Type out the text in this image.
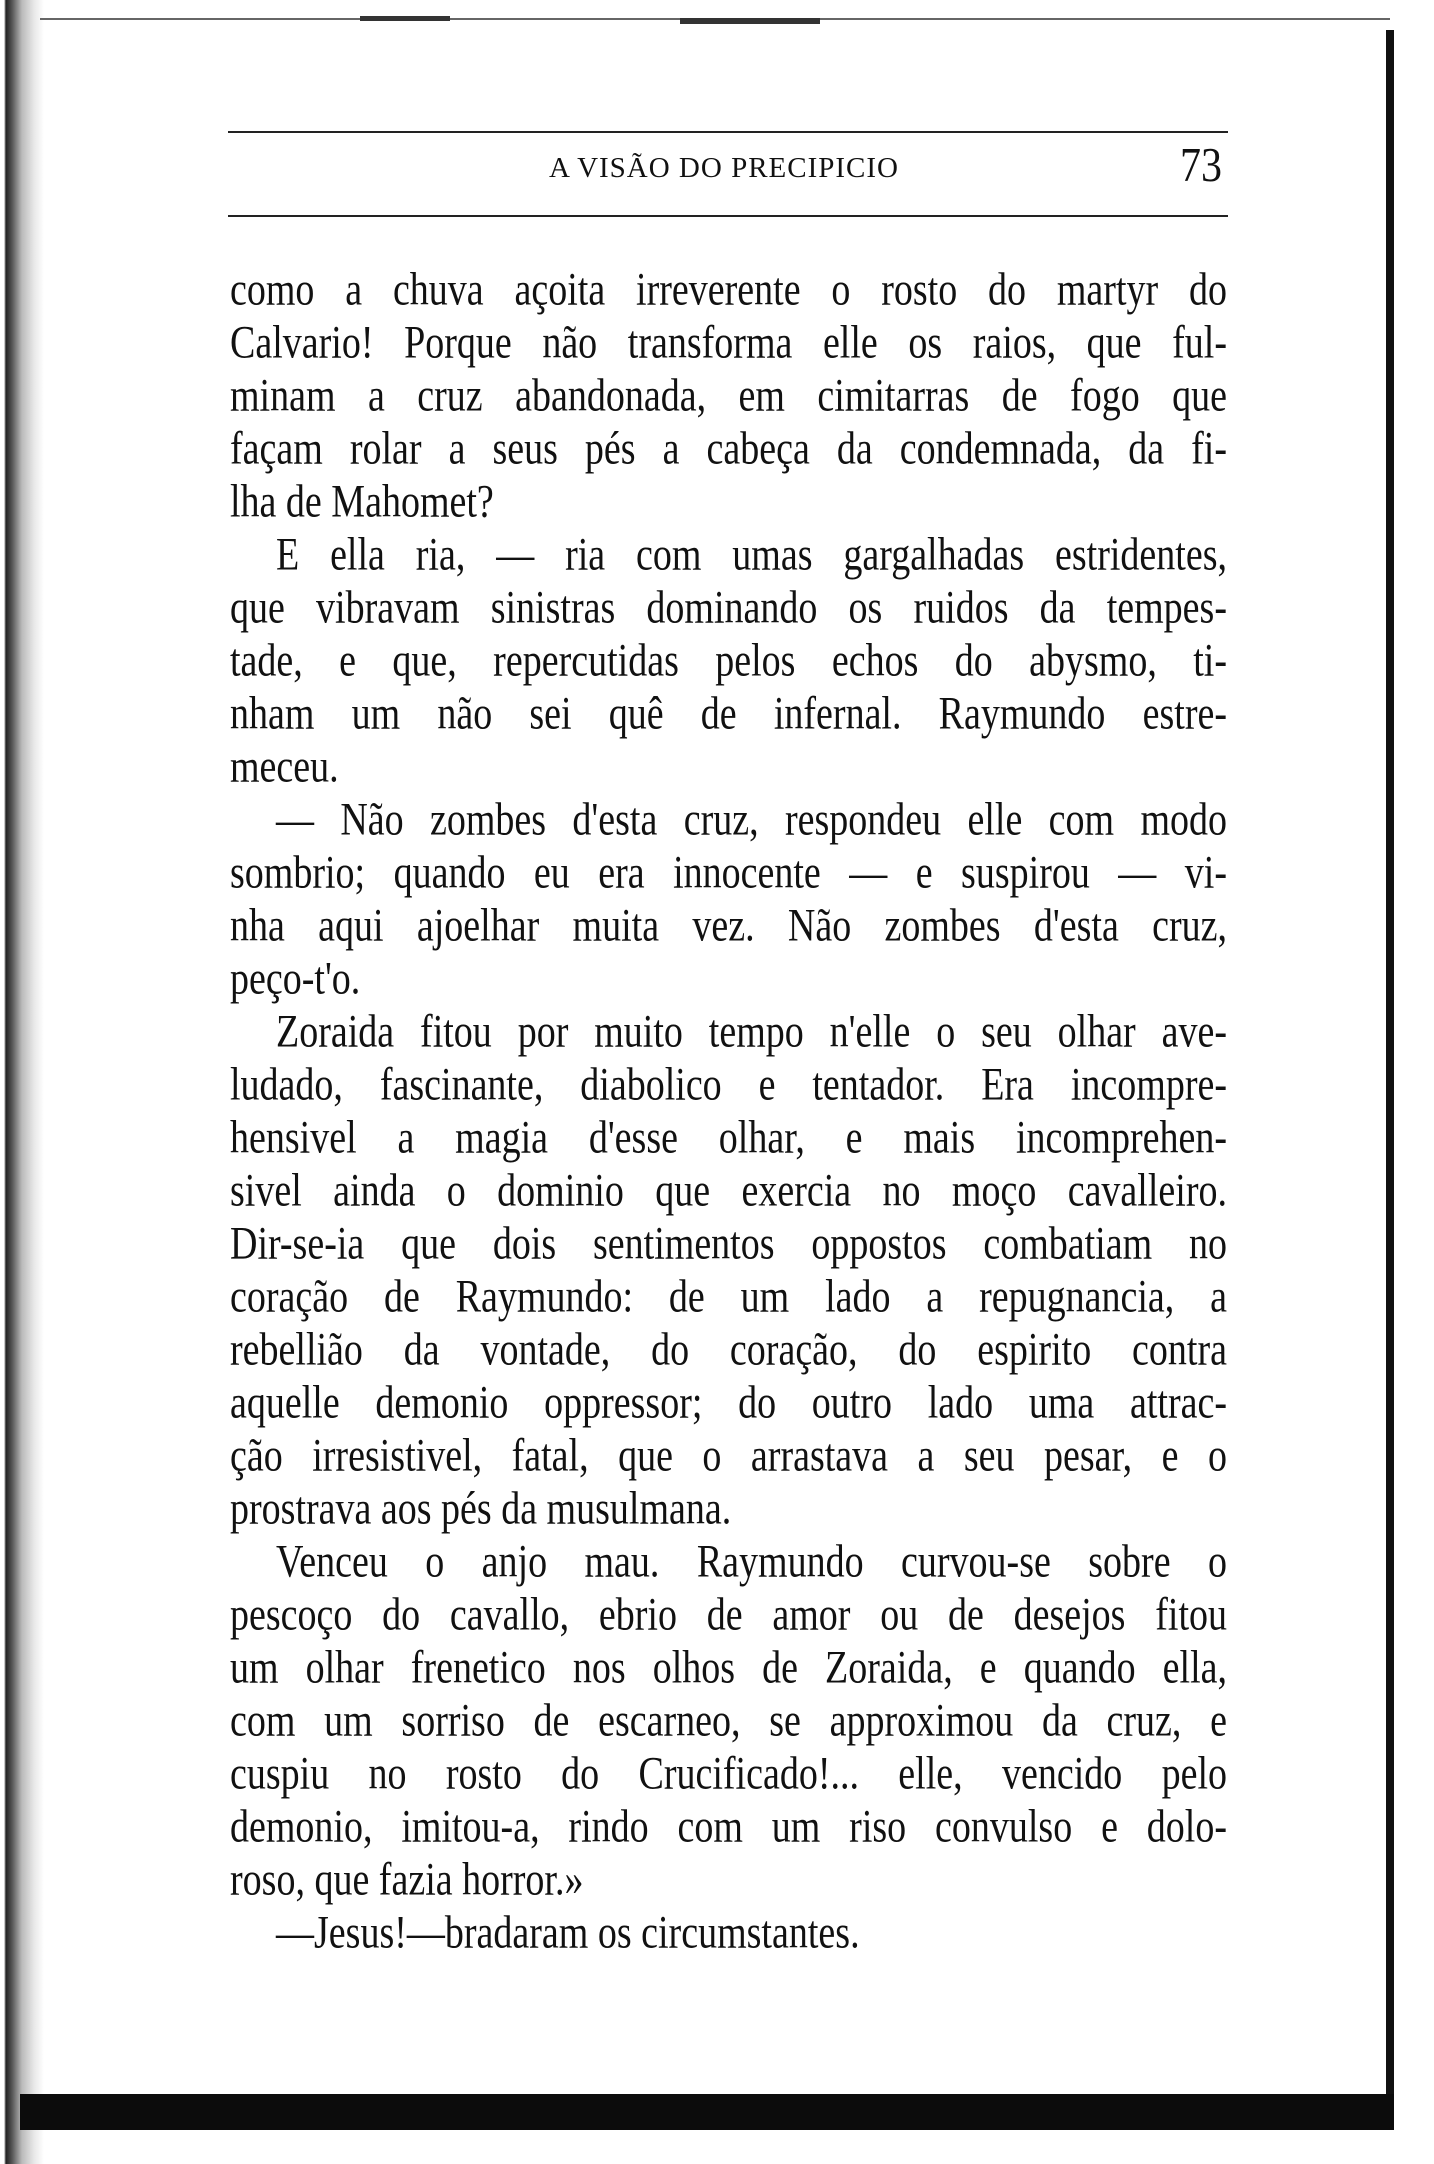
A VISÃO DO PRECIPICIO	73
como a chuva açoita irreverente o rosto do martyr do
Calvario! Porque não transforma elle os raios, que ful-
minam a cruz abandonada, em cimitarras de fogo que
façam rolar a seus pés a cabeça da condemnada, da fi-
lha de Mahomet?
E ella ria, — ria com umas gargalhadas estridentes,
que vibravam sinistras dominando os ruidos da tempes-
tade, e que, repercutidas pelos echos do abysmo, ti-
nham um não sei quê de infernal. Raymundo estre-
meceu.
— Não zombes d'esta cruz, respondeu elle com modo
sombrio; quando eu era innocente — e suspirou — vi-
nha aqui ajoelhar muita vez. Não zombes d'esta cruz,
peço-t'o.
Zoraida fitou por muito tempo n'elle o seu olhar ave-
ludado, fascinante, diabolico e tentador. Era incompre-
hensivel a magia d'esse olhar, e mais incomprehen-
sivel ainda o dominio que exercia no moço cavalleiro.
Dir-se-ia que dois sentimentos oppostos combatiam no
coração de Raymundo: de um lado a repugnancia, a
rebellião da vontade, do coração, do espirito contra
aquelle demonio oppressor; do outro lado uma attrac-
ção irresistivel, fatal, que o arrastava a seu pesar, e o
prostrava aos pés da musulmana.
Venceu o anjo mau. Raymundo curvou-se sobre o
pescoço do cavallo, ebrio de amor ou de desejos fitou
um olhar frenetico nos olhos de Zoraida, e quando ella,
com um sorriso de escarneo, se approximou da cruz, e
cuspiu no rosto do Crucificado!... elle, vencido pelo
demonio, imitou-a, rindo com um riso convulso e dolo-
roso, que fazia horror.»
—Jesus!—bradaram os circumstantes.
